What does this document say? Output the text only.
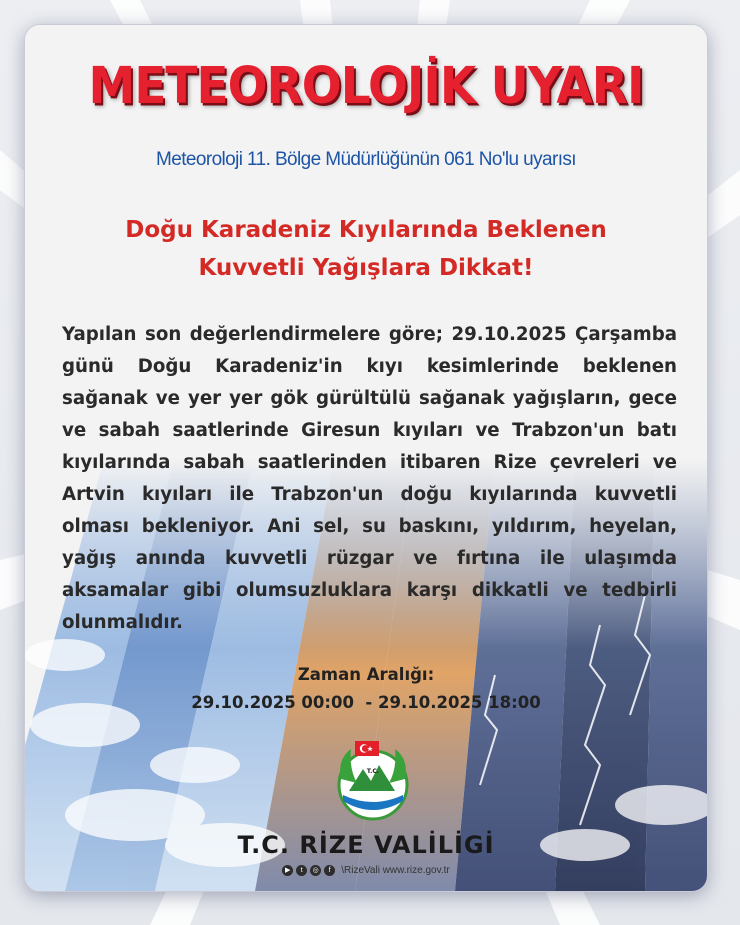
METEOROLOJİK UYARI
Meteoroloji 11. Bölge Müdürlüğünün 061 No'lu uyarısı
Doğu Karadeniz Kıyılarında Beklenen
Kuvvetli Yağışlara Dikkat!
Yapılan son değerlendirmelere göre; 29.10.2025 Çarşamba günü Doğu Karadeniz'in kıyı kesimlerinde beklenen sağanak ve yer yer gök gürültülü sağanak yağışların, gece ve sabah saatlerinde Giresun kıyıları ve Trabzon'un batı kıyılarında sabah saatlerinden itibaren Rize çevreleri ve Artvin kıyıları ile Trabzon'un doğu kıyılarında kuvvetli olması bekleniyor. Ani sel, su baskını, yıldırım, heyelan, yağış anında kuvvetli rüzgar ve fırtına ile ulaşımda aksamalar gibi olumsuzluklara karşı dikkatli ve tedbirli olunmalıdır.
Zaman Aralığı:
29.10.2025 00:00  - 29.10.2025 18:00
T.C.
T.C. RİZE VALİLİGİ
▶	t	◎	f	\RizeVali www.rize.gov.tr
